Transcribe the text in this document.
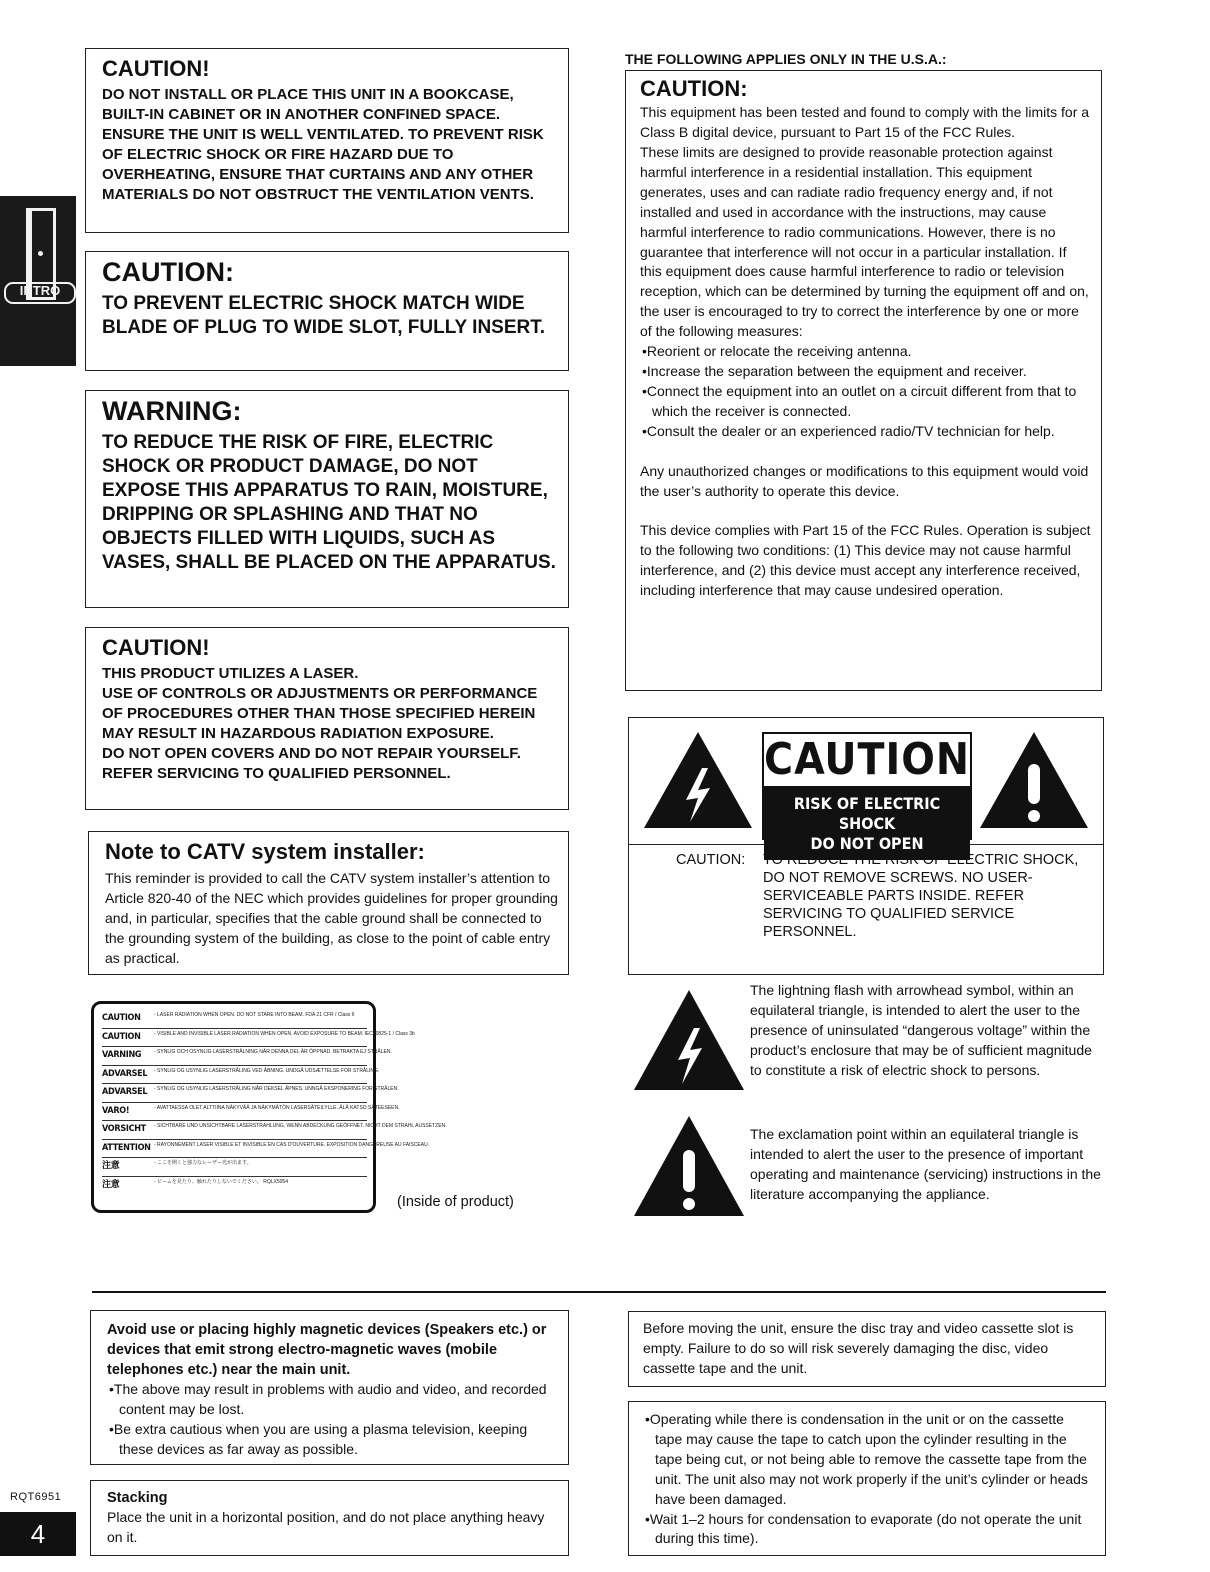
INTRO
CAUTION!

DO NOT INSTALL OR PLACE THIS UNIT IN A BOOKCASE, BUILT-IN CABINET OR IN ANOTHER CONFINED SPACE. ENSURE THE UNIT IS WELL VENTILATED. TO PREVENT RISK OF ELECTRIC SHOCK OR FIRE HAZARD DUE TO OVERHEATING, ENSURE THAT CURTAINS AND ANY OTHER MATERIALS DO NOT OBSTRUCT THE VENTILATION VENTS.

CAUTION:

TO PREVENT ELECTRIC SHOCK MATCH WIDE BLADE OF PLUG TO WIDE SLOT, FULLY INSERT.

WARNING:

TO REDUCE THE RISK OF FIRE, ELECTRIC SHOCK OR PRODUCT DAMAGE, DO NOT EXPOSE THIS APPARATUS TO RAIN, MOISTURE, DRIPPING OR SPLASHING AND THAT NO OBJECTS FILLED WITH LIQUIDS, SUCH AS VASES, SHALL BE PLACED ON THE APPARATUS.

CAUTION!

THIS PRODUCT UTILIZES A LASER.

USE OF CONTROLS OR ADJUSTMENTS OR PERFORMANCE OF PROCEDURES OTHER THAN THOSE SPECIFIED HEREIN MAY RESULT IN HAZARDOUS RADIATION EXPOSURE.

DO NOT OPEN COVERS AND DO NOT REPAIR YOURSELF. REFER SERVICING TO QUALIFIED PERSONNEL.

Note to CATV system installer:

This reminder is provided to call the CATV system installer’s attention to Article 820-40 of the NEC which provides guidelines for proper grounding and, in particular, specifies that the cable ground shall be connected to the grounding system of the building, as close to the point of cable entry as practical.

CAUTION	- LASER RADIATION WHEN OPEN. DO NOT STARE INTO BEAM. FDA 21 CFR / Class II
CAUTION	- VISIBLE AND INVISIBLE LASER RADIATION WHEN OPEN. AVOID EXPOSURE TO BEAM. IEC60825-1 / Class 3b
VARNING	- SYNLIG OCH OSYNLIG LASERSTRÅLNING NÄR DENNA DEL ÄR ÖPPNAD. BETRAKTA EJ STRÅLEN.
ADVARSEL	- SYNLIG OG USYNLIG LASERSTRÅLING VED ÅBNING. UNDGÅ UDSÆTTELSE FOR STRÅLING.
ADVARSEL	- SYNLIG OG USYNLIG LASERSTRÅLING NÅR DEKSEL ÅPNES. UNNGÅ EKSPONERING FOR STRÅLEN.
VARO!	- AVATTAESSA OLET ALTTIINA NÄKYVÄÄ JA NÄKYMÄTÖN LASERSÄTEILYLLE. ÄLÄ KATSO SÄTEESEEN.
VORSICHT	- SICHTBARE UND UNSICHTBARE LASERSTRAHLUNG, WENN ABDECKUNG GEÖFFNET. NICHT DEM STRAHL AUSSETZEN.
ATTENTION - RAYONNEMENT LASER VISIBLE ET INVISIBLE EN CAS D'OUVERTURE. EXPOSITION DANGEREUSE AU FAISCEAU.
注意	- ここを開くと強力なレーザー光が出ます。
注意	- ビームを見たり、触れたりしないでください。 RQLX5054
(Inside of product)
THE FOLLOWING APPLIES ONLY IN THE U.S.A.:
CAUTION:

This equipment has been tested and found to comply with the limits for a Class B digital device, pursuant to Part 15 of the FCC Rules.

These limits are designed to provide reasonable protection against harmful interference in a residential installation. This equipment generates, uses and can radiate radio frequency energy and, if not installed and used in accordance with the instructions, may cause harmful interference to radio communications. However, there is no guarantee that interference will not occur in a particular installation. If this equipment does cause harmful interference to radio or television reception, which can be determined by turning the equipment off and on, the user is encouraged to try to correct the interference by one or more of the following measures:

•Reorient or relocate the receiving antenna.

•Increase the separation between the equipment and receiver.

•Connect the equipment into an outlet on a circuit different from that to which the receiver is connected.

•Consult the dealer or an experienced radio/TV technician for help.

Any unauthorized changes or modifications to this equipment would void the user’s authority to operate this device.

This device complies with Part 15 of the FCC Rules. Operation is subject to the following two conditions: (1) This device may not cause harmful interference, and (2) this device must accept any interference received, including interference that may cause undesired operation.

CAUTION
RISK OF ELECTRIC SHOCK
DO NOT OPEN
CAUTION: TO REDUCE THE RISK OF ELECTRIC SHOCK, DO NOT REMOVE SCREWS. NO USER-SERVICEABLE PARTS INSIDE. REFER SERVICING TO QUALIFIED SERVICE PERSONNEL.
The lightning flash with arrowhead symbol, within an equilateral triangle, is intended to alert the user to the presence of uninsulated “dangerous voltage” within the product’s enclosure that may be of sufficient magnitude to constitute a risk of electric shock to persons.
The exclamation point within an equilateral triangle is intended to alert the user to the presence of important operating and maintenance (servicing) instructions in the literature accompanying the appliance.

Avoid use or placing highly magnetic devices (Speakers etc.) or devices that emit strong electro-magnetic waves (mobile telephones etc.) near the main unit.

•The above may result in problems with audio and video, and recorded content may be lost.

•Be extra cautious when you are using a plasma television, keeping these devices as far away as possible.

Stacking

Place the unit in a horizontal position, and do not place anything heavy on it.

Before moving the unit, ensure the disc tray and video cassette slot is empty. Failure to do so will risk severely damaging the disc, video cassette tape and the unit.

•Operating while there is condensation in the unit or on the cassette tape may cause the tape to catch upon the cylinder resulting in the tape being cut, or not being able to remove the cassette tape from the unit. The unit also may not work properly if the unit’s cylinder or heads have been damaged.

•Wait 1–2 hours for condensation to evaporate (do not operate the unit during this time).

RQT6951
4
